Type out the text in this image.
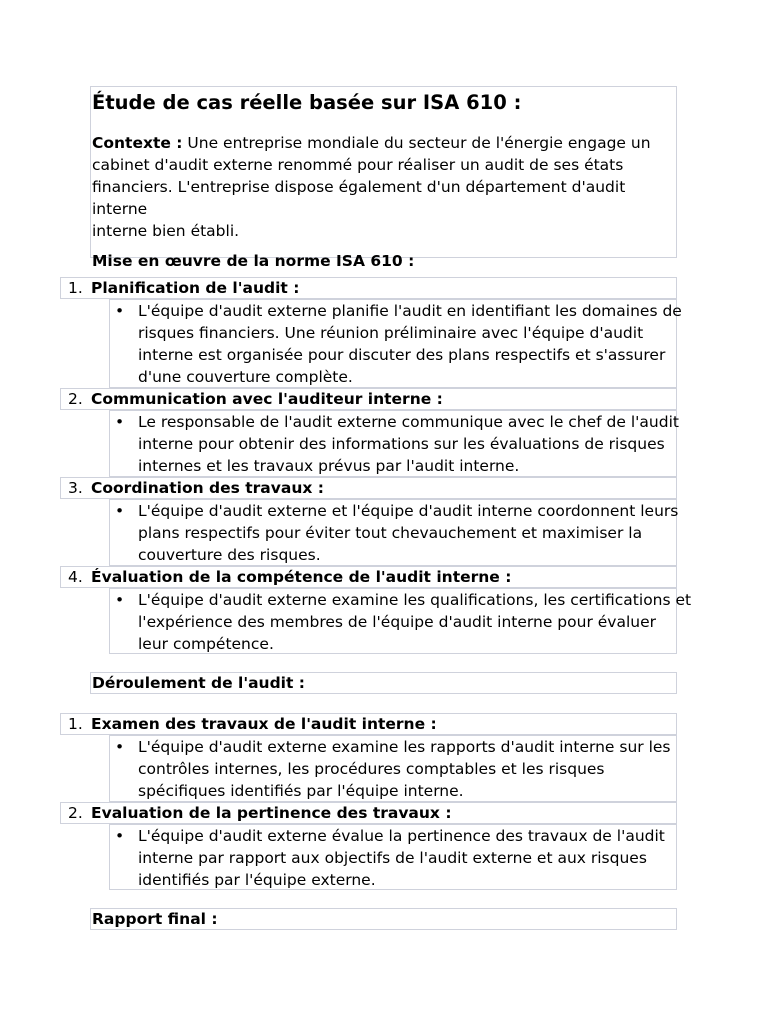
Étude de cas réelle basée sur ISA 610 :
Contexte : Une entreprise mondiale du secteur de l'énergie engage un
cabinet d'audit externe renommé pour réaliser un audit de ses états
financiers. L'entreprise dispose également d'un département d'audit interne
interne bien établi.
Mise en œuvre de la norme ISA 610 :
1. Planification de l'audit :
• L'équipe d'audit externe planifie l'audit en identifiant les domaines de
risques financiers. Une réunion préliminaire avec l'équipe d'audit
interne est organisée pour discuter des plans respectifs et s'assurer
d'une couverture complète.
2. Communication avec l'auditeur interne :
• Le responsable de l'audit externe communique avec le chef de l'audit
interne pour obtenir des informations sur les évaluations de risques
internes et les travaux prévus par l'audit interne.
3. Coordination des travaux :
• L'équipe d'audit externe et l'équipe d'audit interne coordonnent leurs
plans respectifs pour éviter tout chevauchement et maximiser la
couverture des risques.
4. Évaluation de la compétence de l'audit interne :
• L'équipe d'audit externe examine les qualifications, les certifications et
l'expérience des membres de l'équipe d'audit interne pour évaluer
leur compétence.
Déroulement de l'audit :
1. Examen des travaux de l'audit interne :
• L'équipe d'audit externe examine les rapports d'audit interne sur les
contrôles internes, les procédures comptables et les risques
spécifiques identifiés par l'équipe interne.
2. Evaluation de la pertinence des travaux :
• L'équipe d'audit externe évalue la pertinence des travaux de l'audit
interne par rapport aux objectifs de l'audit externe et aux risques
identifiés par l'équipe externe.
Rapport final :
